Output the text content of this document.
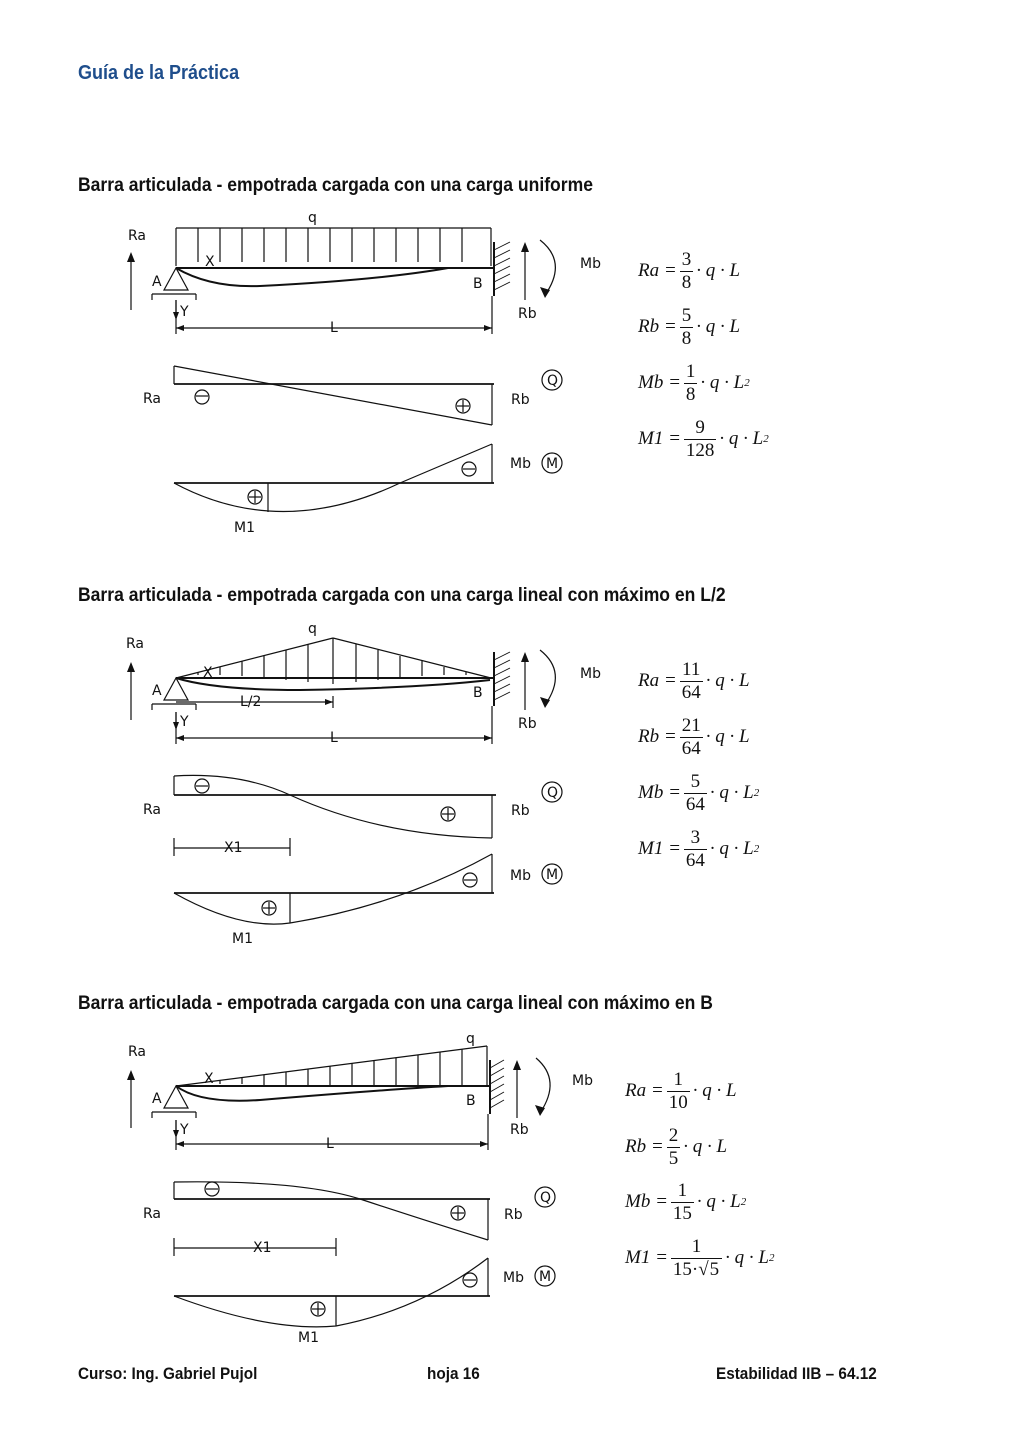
Guía de la Práctica
Barra articulada - empotrada cargada con una carga uniforme
Ra
q
X
A
Y
B
Mb
Rb
L
Ra	Rb
Q
Mb M
M1
$Ra = \frac{3}{8} \cdot q \cdot L$
$Rb = \frac{5}{8} \cdot q \cdot L$
$Mb = \frac{1}{8} \cdot q \cdot L$ 2
$M1 = \frac{9}{128} \cdot q \cdot L$ 2
Barra articulada - empotrada cargada con una carga lineal con máximo en L/2
Ra
q
X
A
Y
L/2
B
Mb
Rb
L
Ra	Rb
Q
X1
Mb M
M1
$Ra = \frac{11}{64} \cdot q \cdot L$
$Rb = \frac{21}{64} \cdot q \cdot L$
$Mb = \frac{5}{64} \cdot q \cdot L$ 2
$M1 = \frac{3}{64} \cdot q \cdot L$ 2
Barra articulada - empotrada cargada con una carga lineal con máximo en B
Ra
q
X
A
Y
B
Mb
Rb
L
Ra	Rb
Q
X1
Mb M
M1
$Ra = \frac{1}{10} \cdot q \cdot L$
$Rb = \frac{2}{5} \cdot q \cdot L$
$Mb = \frac{1}{15} \cdot q \cdot L$ 2
$M1 = \frac{1}{15\cdot√5} \cdot q \cdot L$ 2
Curso: Ing. Gabriel Pujol	hoja 16	Estabilidad IIB – 64.12
